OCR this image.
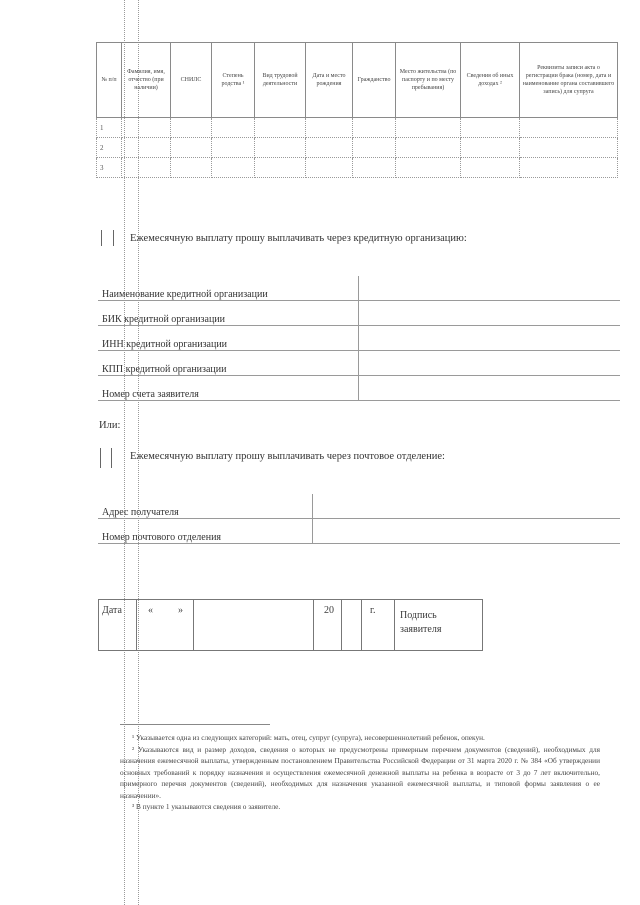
№ п/п	Фамилия, имя, отчество (при наличии)	СНИЛС	Степень родства ¹	Вид трудовой деятельности	Дата и место рождения	Гражданство	Место жительства (по паспорту и по месту пребывания)	Сведения об иных доходах ²	Реквизиты записи акта о регистрации брака (номер, дата и наименование органа составившего запись) для супруга
1									
2									
3									
Ежемесячную выплату прошу выплачивать через кредитную организацию:
Наименование кредитной организации	
БИК кредитной организации	
ИНН кредитной организации	
КПП кредитной организации	
Номер счета заявителя	
Или:
Ежемесячную выплату прошу выплачивать через почтовое отделение:
Адрес получателя	
Номер почтового отделения	
Дата	«	»	20	г. Подпись заявителя

¹ Указывается одна из следующих категорий: мать, отец, супруг (супруга), несовершеннолетний ребенок, опекун.

² Указываются вид и размер доходов, сведения о которых не предусмотрены примерным перечнем документов (сведений), необходимых для назначения ежемесячной выплаты, утвержденным постановлением Правительства Российской Федерации от 31 марта 2020 г. № 384 «Об утверждении основных требований к порядку назначения и осуществления ежемесячной денежной выплаты на ребенка в возрасте от 3 до 7 лет включительно, примерного перечня документов (сведений), необходимых для назначения указанной ежемесячной выплаты, и типовой формы заявления о ее назначении».

³ В пункте 1 указываются сведения о заявителе.
